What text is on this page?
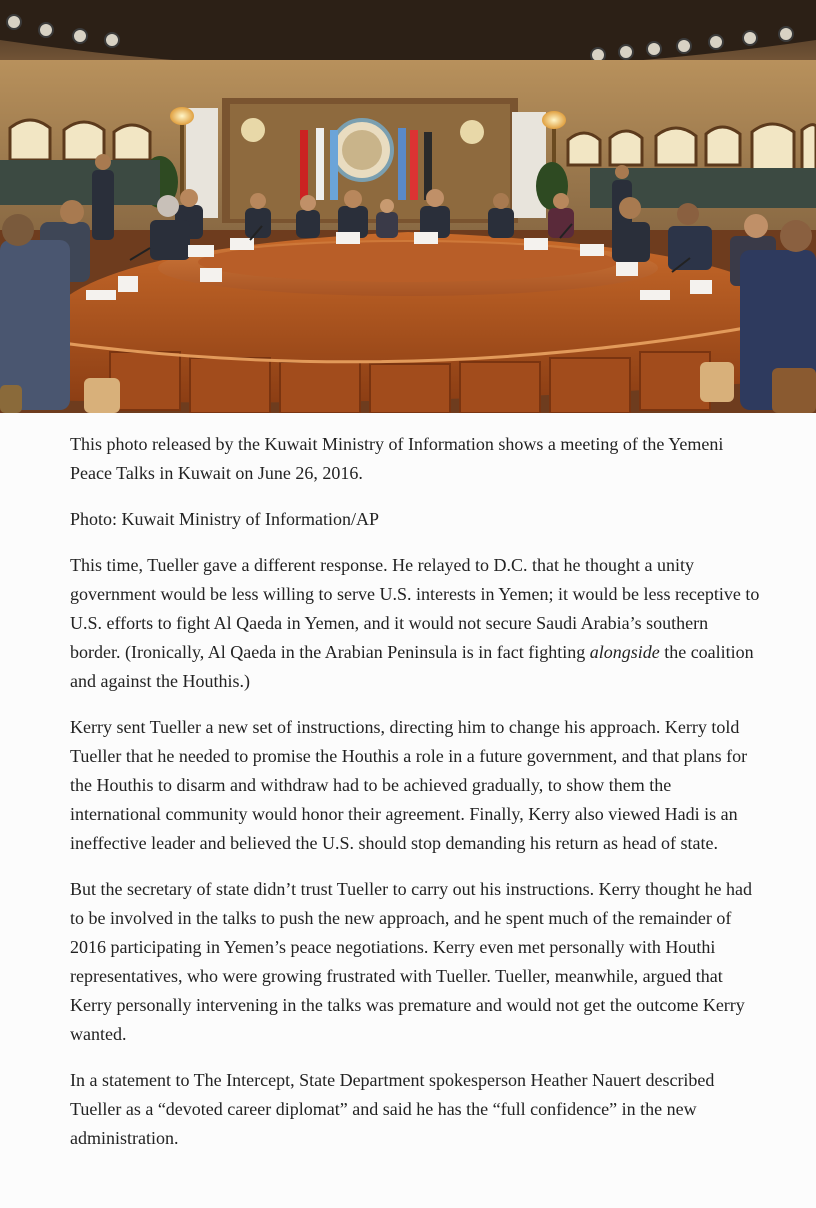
This photo released by the Kuwait Ministry of Information shows a meeting of the Yemeni Peace Talks in Kuwait on June 26, 2016.

Photo: Kuwait Ministry of Information/AP

This time, Tueller gave a different response. He relayed to D.C. that he thought a unity government would be less willing to serve U.S. interests in Yemen; it would be less receptive to U.S. efforts to fight Al Qaeda in Yemen, and it would not secure Saudi Arabia’s southern border. (Ironically, Al Qaeda in the Arabian Peninsula is in fact fighting alongside the coalition and against the Houthis.)

Kerry sent Tueller a new set of instructions, directing him to change his approach. Kerry told Tueller that he needed to promise the Houthis a role in a future government, and that plans for the Houthis to disarm and withdraw had to be achieved gradually, to show them the international community would honor their agreement. Finally, Kerry also viewed Hadi is an ineffective leader and believed the U.S. should stop demanding his return as head of state.

But the secretary of state didn’t trust Tueller to carry out his instructions. Kerry thought he had to be involved in the talks to push the new approach, and he spent much of the remainder of 2016 participating in Yemen’s peace negotiations. Kerry even met personally with Houthi representatives, who were growing frustrated with Tueller. Tueller, meanwhile, argued that Kerry personally intervening in the talks was premature and would not get the outcome Kerry wanted.

In a statement to The Intercept, State Department spokesperson Heather Nauert described Tueller as a “devoted career diplomat” and said he has the “full confidence” in the new administration.
